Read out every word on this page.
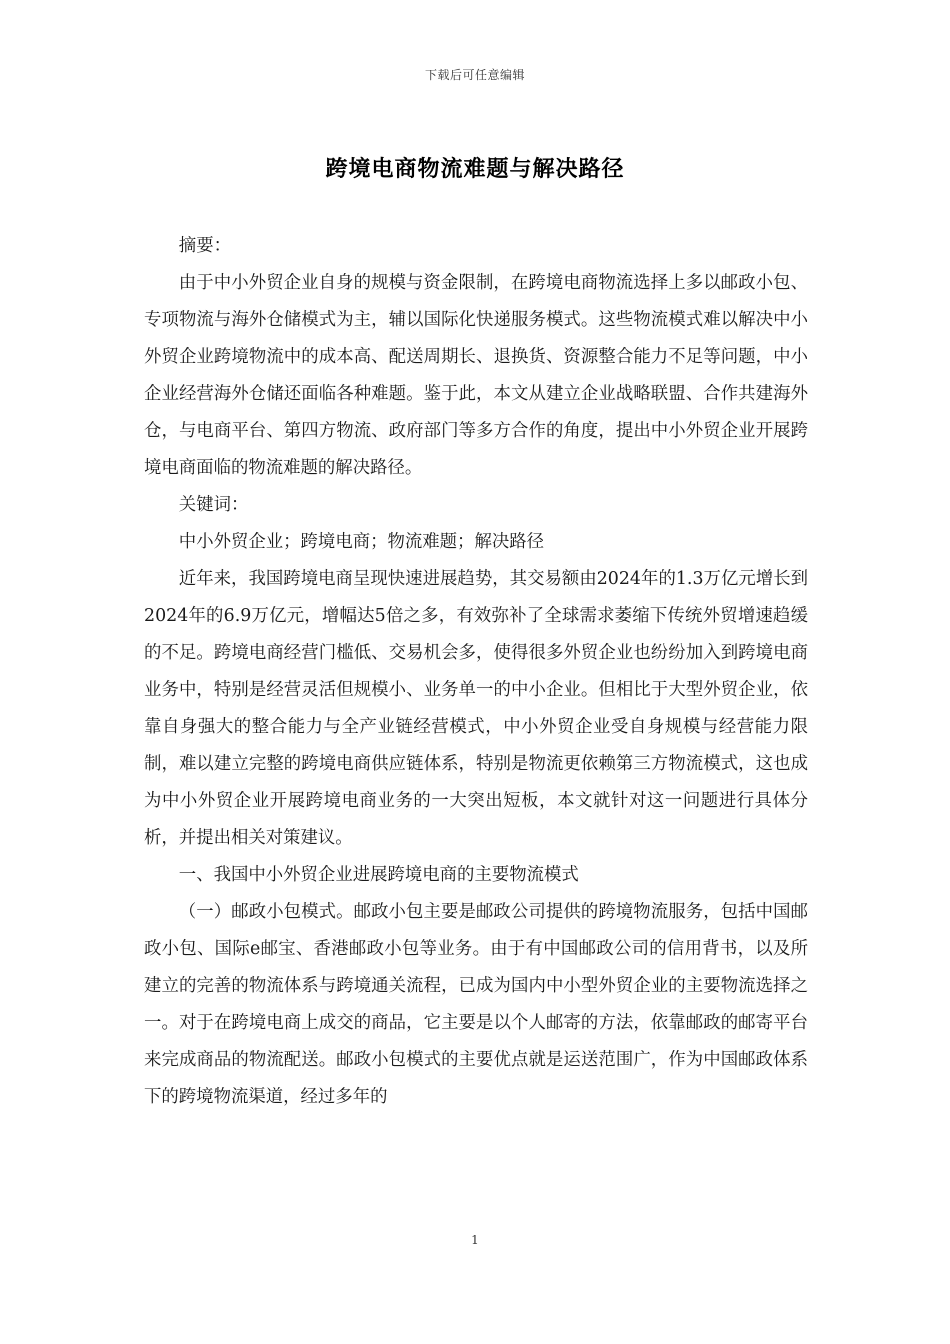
下载后可任意编辑
跨境电商物流难题与解决路径

摘要：

由于中小外贸企业自身的规模与资金限制，在跨境电商物流选择上多以邮政小包、专项物流与海外仓储模式为主，辅以国际化快递服务模式。这些物流模式难以解决中小外贸企业跨境物流中的成本高、配送周期长、退换货、资源整合能力不足等问题，中小企业经营海外仓储还面临各种难题。鉴于此，本文从建立企业战略联盟、合作共建海外仓，与电商平台、第四方物流、政府部门等多方合作的角度，提出中小外贸企业开展跨境电商面临的物流难题的解决路径。

关键词：

中小外贸企业；跨境电商；物流难题；解决路径

近年来，我国跨境电商呈现快速进展趋势，其交易额由2024年的1.3万亿元增长到2024年的6.9万亿元，增幅达5倍之多，有效弥补了全球需求萎缩下传统外贸增速趋缓的不足。跨境电商经营门槛低、交易机会多，使得很多外贸企业也纷纷加入到跨境电商业务中，特别是经营灵活但规模小、业务单一的中小企业。但相比于大型外贸企业，依靠自身强大的整合能力与全产业链经营模式，中小外贸企业受自身规模与经营能力限制，难以建立完整的跨境电商供应链体系，特别是物流更依赖第三方物流模式，这也成为中小外贸企业开展跨境电商业务的一大突出短板，本文就针对这一问题进行具体分析，并提出相关对策建议。

一、我国中小外贸企业进展跨境电商的主要物流模式

（一）邮政小包模式。邮政小包主要是邮政公司提供的跨境物流服务，包括中国邮政小包、国际e邮宝、香港邮政小包等业务。由于有中国邮政公司的信用背书，以及所建立的完善的物流体系与跨境通关流程，已成为国内中小型外贸企业的主要物流选择之一。对于在跨境电商上成交的商品，它主要是以个人邮寄的方法，依靠邮政的邮寄平台来完成商品的物流配送。邮政小包模式的主要优点就是运送范围广，作为中国邮政体系下的跨境物流渠道，经过多年的

1
